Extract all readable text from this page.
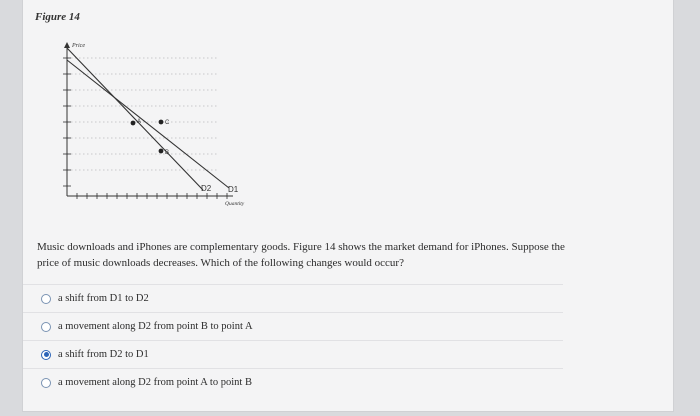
Figure 14
Price
A	C
B
D2 D1
Quantity
Music downloads and iPhones are complementary goods. Figure 14 shows the market demand for iPhones. Suppose the price of music downloads decreases. Which of the following changes would occur?
a shift from D1 to D2
a movement along D2 from point B to point A
a shift from D2 to D1
a movement along D2 from point A to point B
